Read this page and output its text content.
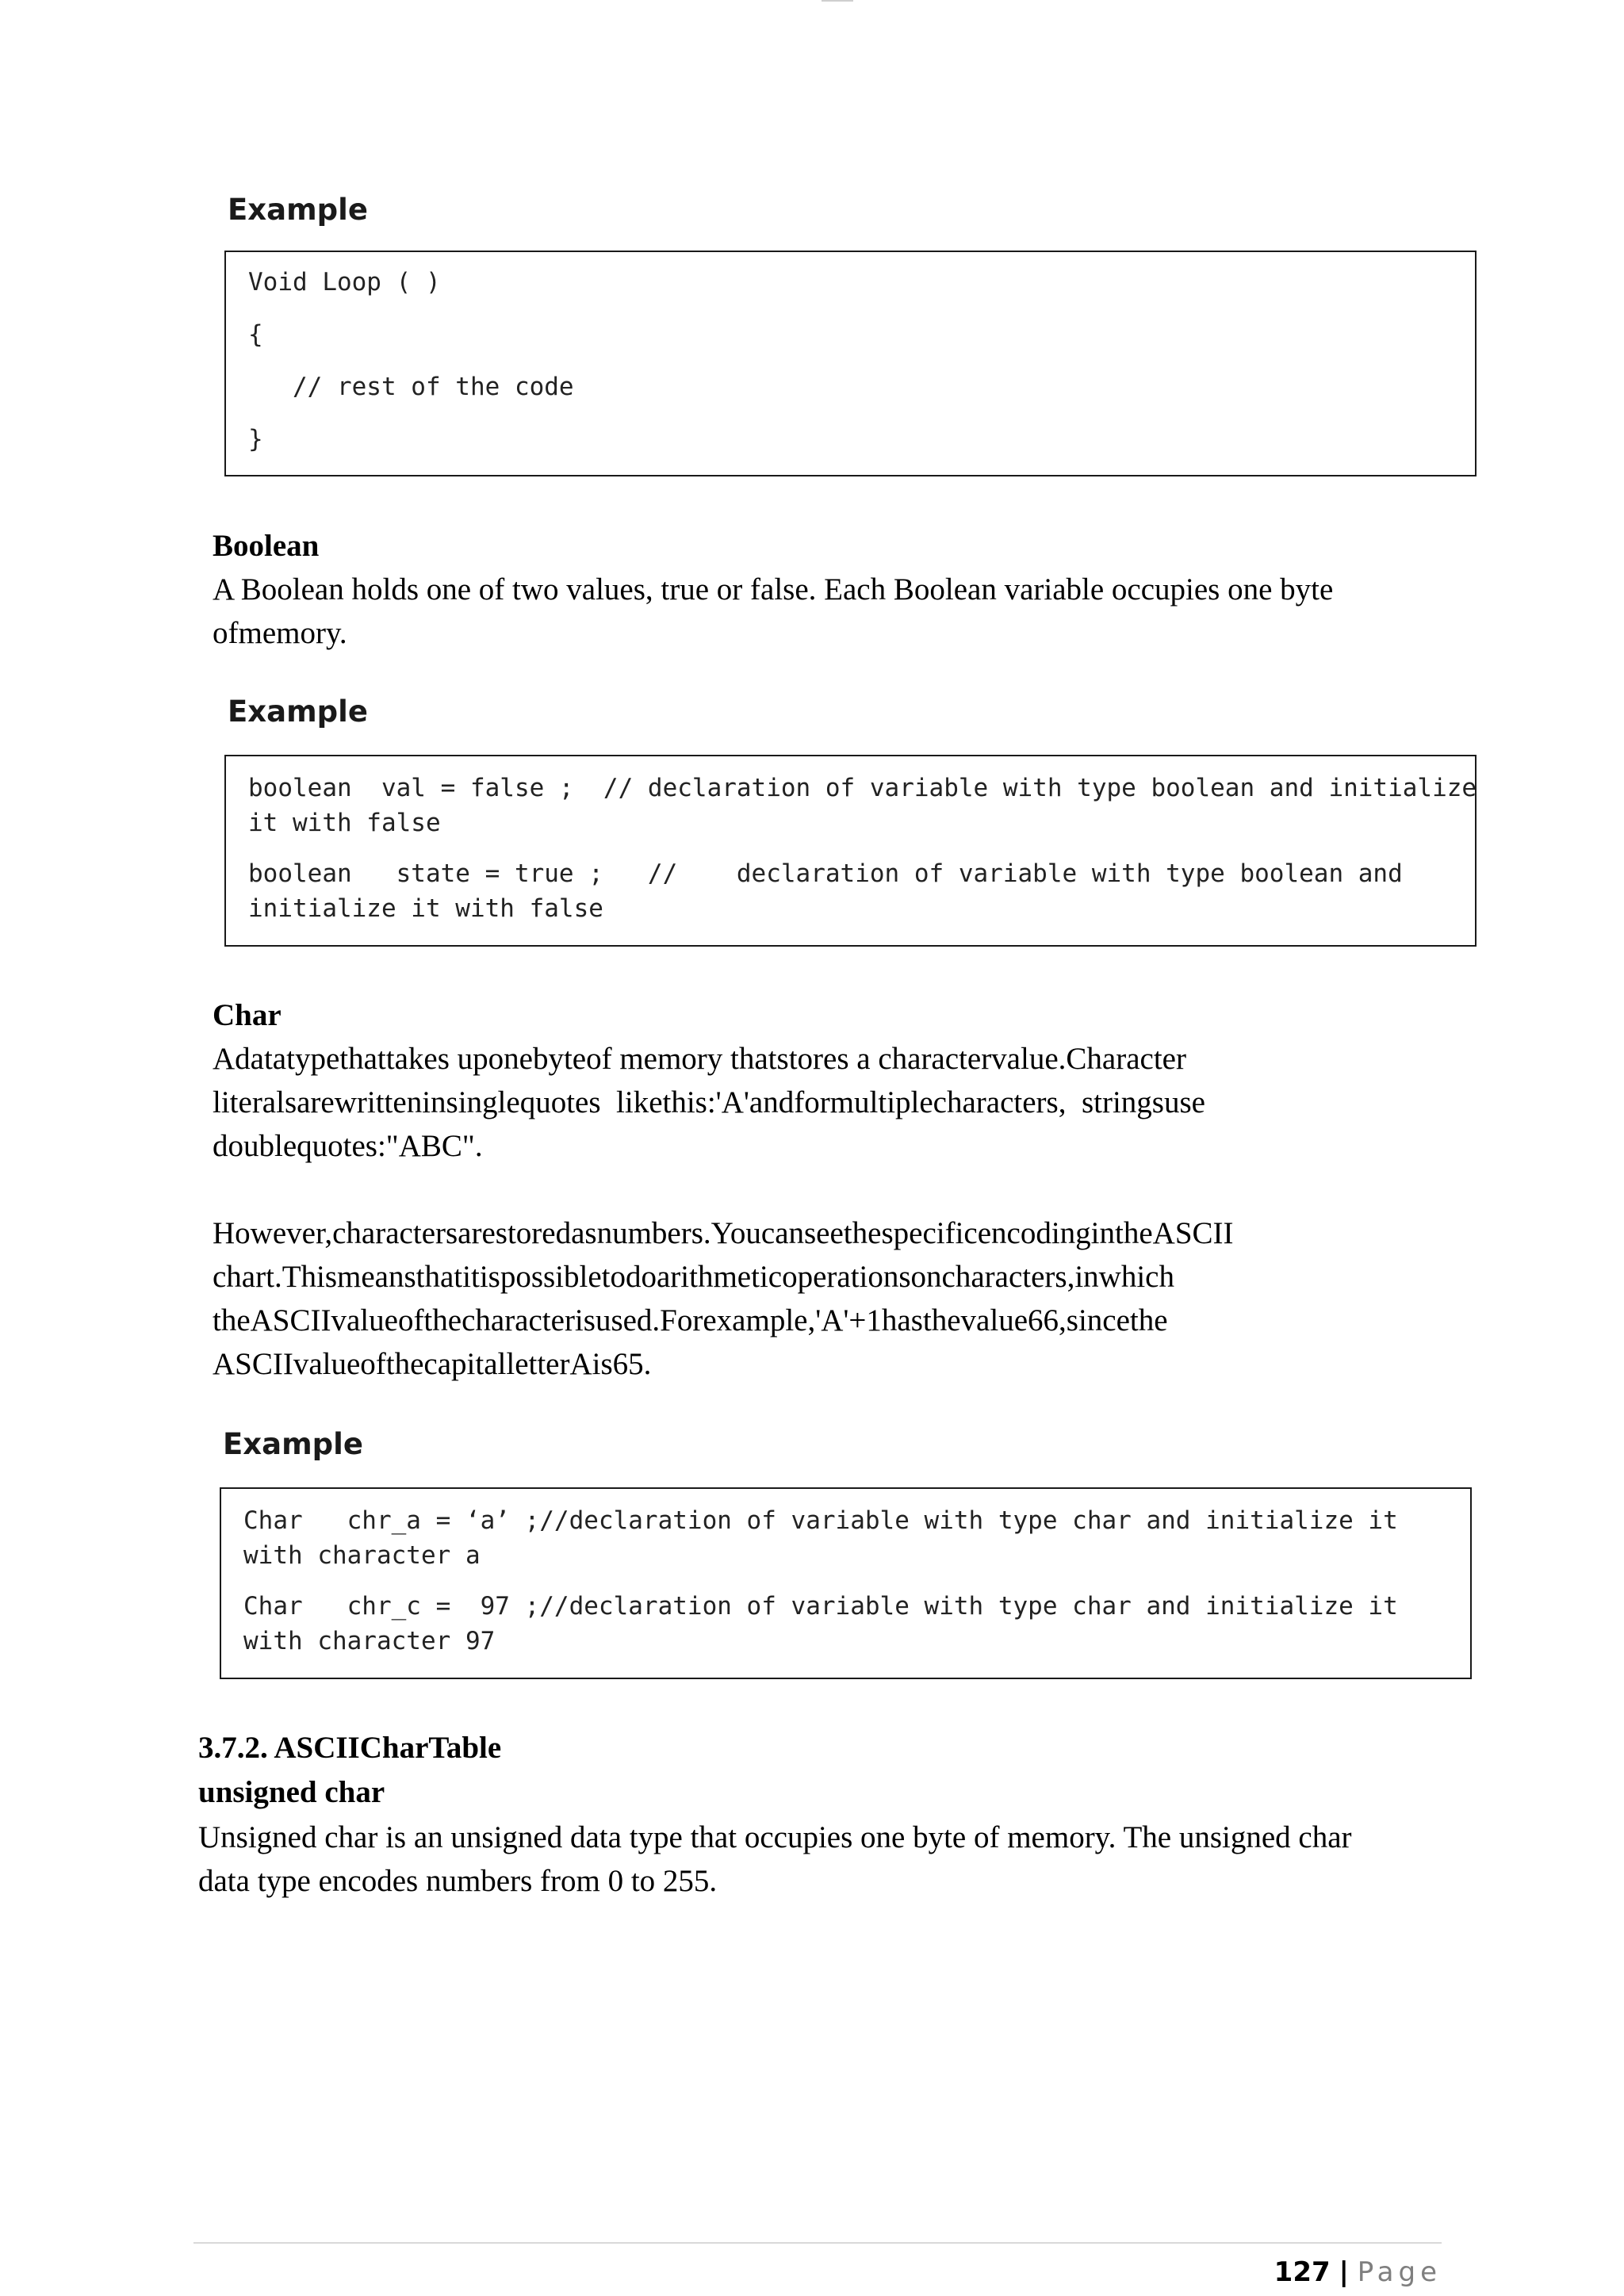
Example
Void Loop ( )
{
// rest of the code
}
Boolean
A Boolean holds one of two values, true or false. Each Boolean variable occupies one byte
ofmemory.
Example
boolean  val = false ;  // declaration of variable with type boolean and initialize
it with false
boolean   state = true ;   //    declaration of variable with type boolean and
initialize it with false
Char
Adatatypethattakes uponebyteof memory thatstores a charactervalue.Character
literalsarewritteninsinglequotes  likethis:'A'andformultiplecharacters,  stringsuse
doublequotes:"ABC".
However,charactersarestoredasnumbers.YoucanseethespecificencodingintheASCII
chart.Thismeansthatitispossibletodoarithmeticoperationsoncharacters,inwhich
theASCIIvalueofthecharacterisused.Forexample,'A'+1hasthevalue66,sincethe
ASCIIvalueofthecapitalletterAis65.
Example
Char   chr_a = ‘a’ ;//declaration of variable with type char and initialize it
with character a
Char   chr_c =  97 ;//declaration of variable with type char and initialize it
with character 97
3.7.2. ASCIICharTable
unsigned char
Unsigned char is an unsigned data type that occupies one byte of memory. The unsigned char
data type encodes numbers from 0 to 255.
127 | Page
